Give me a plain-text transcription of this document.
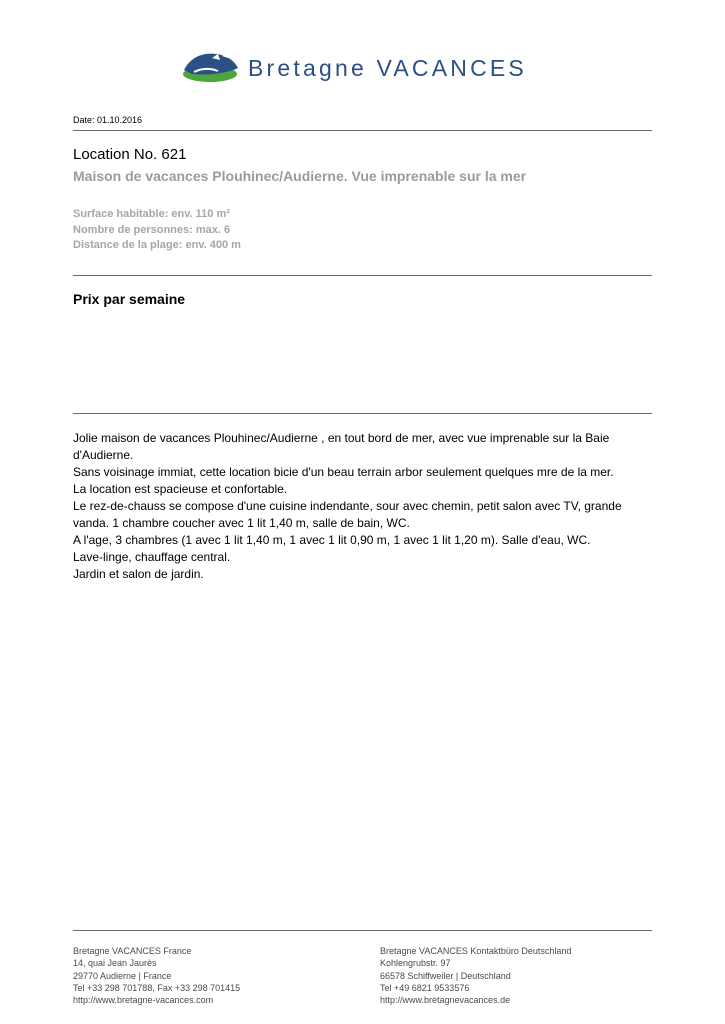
Bretagne VACANCES
Date: 01.10.2016
Location No. 621
Maison de vacances Plouhinec/Audierne. Vue imprenable sur la mer
Surface habitable: env. 110 m²
Nombre de personnes: max. 6
Distance de la plage: env. 400 m
Prix par semaine

Jolie maison de vacances Plouhinec/Audierne , en tout bord de mer, avec vue imprenable sur la Baie d'Audierne.

Sans voisinage immiat, cette location bicie d'un beau terrain arbor seulement quelques mre de la mer.

La location est spacieuse et confortable.

Le rez-de-chauss se compose d'une cuisine indendante, sour avec chemin, petit salon avec TV, grande vanda. 1 chambre coucher avec 1 lit 1,40 m, salle de bain, WC.

A l'age, 3 chambres (1 avec 1 lit 1,40 m, 1 avec 1 lit 0,90 m, 1 avec 1 lit 1,20 m). Salle d'eau, WC.

Lave-linge, chauffage central.

Jardin et salon de jardin.

Bretagne VACANCES France
14, quai Jean Jaurès
29770 Audierne | France
Tel +33 298 701788, Fax +33 298 701415
http://www.bretagne-vacances.com
Bretagne VACANCES Kontaktbüro Deutschland
Kohlengrubstr. 97
66578 Schiffweiler | Deutschland
Tel +49 6821 9533576
http://www.bretagnevacances.de
